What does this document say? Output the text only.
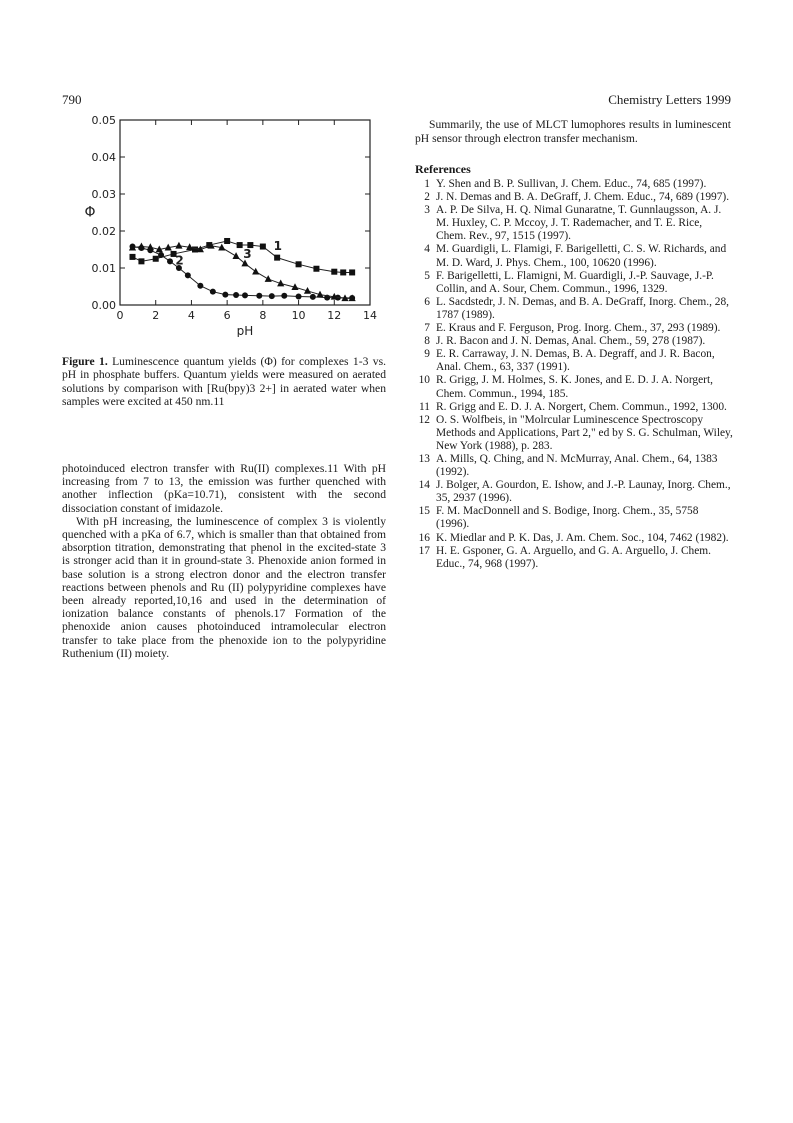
790	Chemistry Letters 1999
0	2	4	6	8 10 12 14
0.00
0.01
0.02
0.03
0.04
0.05
pH
Φ
1
2	3
Figure 1. Luminescence quantum yields (Φ) for complexes 1-3 vs. pH in phosphate buffers. Quantum yields were measured on aerated solutions by comparison with [Ru(bpy)3 2+] in aerated water when samples were excited at 450 nm.11

photoinduced electron transfer with Ru(II) complexes.11 With pH increasing from 7 to 13, the emission was further quenched with another inflection (pKa=10.71), consistent with the second dissociation constant of imidazole.

With pH increasing, the luminescence of complex 3 is violently quenched with a pKa of 6.7, which is smaller than that obtained from absorption titration, demonstrating that phenol in the excited-state 3 is stronger acid than it in ground-state 3. Phenoxide anion formed in base solution is a strong electron donor and the electron transfer reactions between phenols and Ru (II) polypyridine complexes have been already reported,10,16 and used in the determination of ionization balance constants of phenols.17 Formation of the phenoxide anion causes photoinduced intramolecular electron transfer to take place from the phenoxide ion to the polypyridine Ruthenium (II) moiety.

Summarily, the use of MLCT lumophores results in luminescent pH sensor through electron transfer mechanism.
References
1 Y. Shen and B. P. Sullivan, J. Chem. Educ., 74, 685 (1997).
2 J. N. Demas and B. A. DeGraff, J. Chem. Educ., 74, 689 (1997).
3 A. P. De Silva, H. Q. Nimal Gunaratne, T. Gunnlaugsson, A. J. M. Huxley, C. P. Mccoy, J. T. Rademacher, and T. E. Rice, Chem. Rev., 97, 1515 (1997).
4 M. Guardigli, L. Flamigi, F. Barigelletti, C. S. W. Richards, and M. D. Ward, J. Phys. Chem., 100, 10620 (1996).
5 F. Barigelletti, L. Flamigni, M. Guardigli, J.-P. Sauvage, J.-P. Collin, and A. Sour, Chem. Commun., 1996, 1329.
6 L. Sacdstedr, J. N. Demas, and B. A. DeGraff, Inorg. Chem., 28, 1787 (1989).
7 E. Kraus and F. Ferguson, Prog. Inorg. Chem., 37, 293 (1989).
8 J. R. Bacon and J. N. Demas, Anal. Chem., 59, 278 (1987).
9 E. R. Carraway, J. N. Demas, B. A. Degraff, and J. R. Bacon, Anal. Chem., 63, 337 (1991).
10 R. Grigg, J. M. Holmes, S. K. Jones, and E. D. J. A. Norgert, Chem. Commun., 1994, 185.
11 R. Grigg and E. D. J. A. Norgert, Chem. Commun., 1992, 1300.
12 O. S. Wolfbeis, in "Molrcular Luminescence Spectroscopy Methods and Applications, Part 2," ed by S. G. Schulman, Wiley, New York (1988), p. 283.
13 A. Mills, Q. Ching, and N. McMurray, Anal. Chem., 64, 1383 (1992).
14 J. Bolger, A. Gourdon, E. Ishow, and J.-P. Launay, Inorg. Chem., 35, 2937 (1996).
15 F. M. MacDonnell and S. Bodige, Inorg. Chem., 35, 5758 (1996).
16 K. Miedlar and P. K. Das, J. Am. Chem. Soc., 104, 7462 (1982).
17 H. E. Gsponer, G. A. Arguello, and G. A. Arguello, J. Chem. Educ., 74, 968 (1997).
